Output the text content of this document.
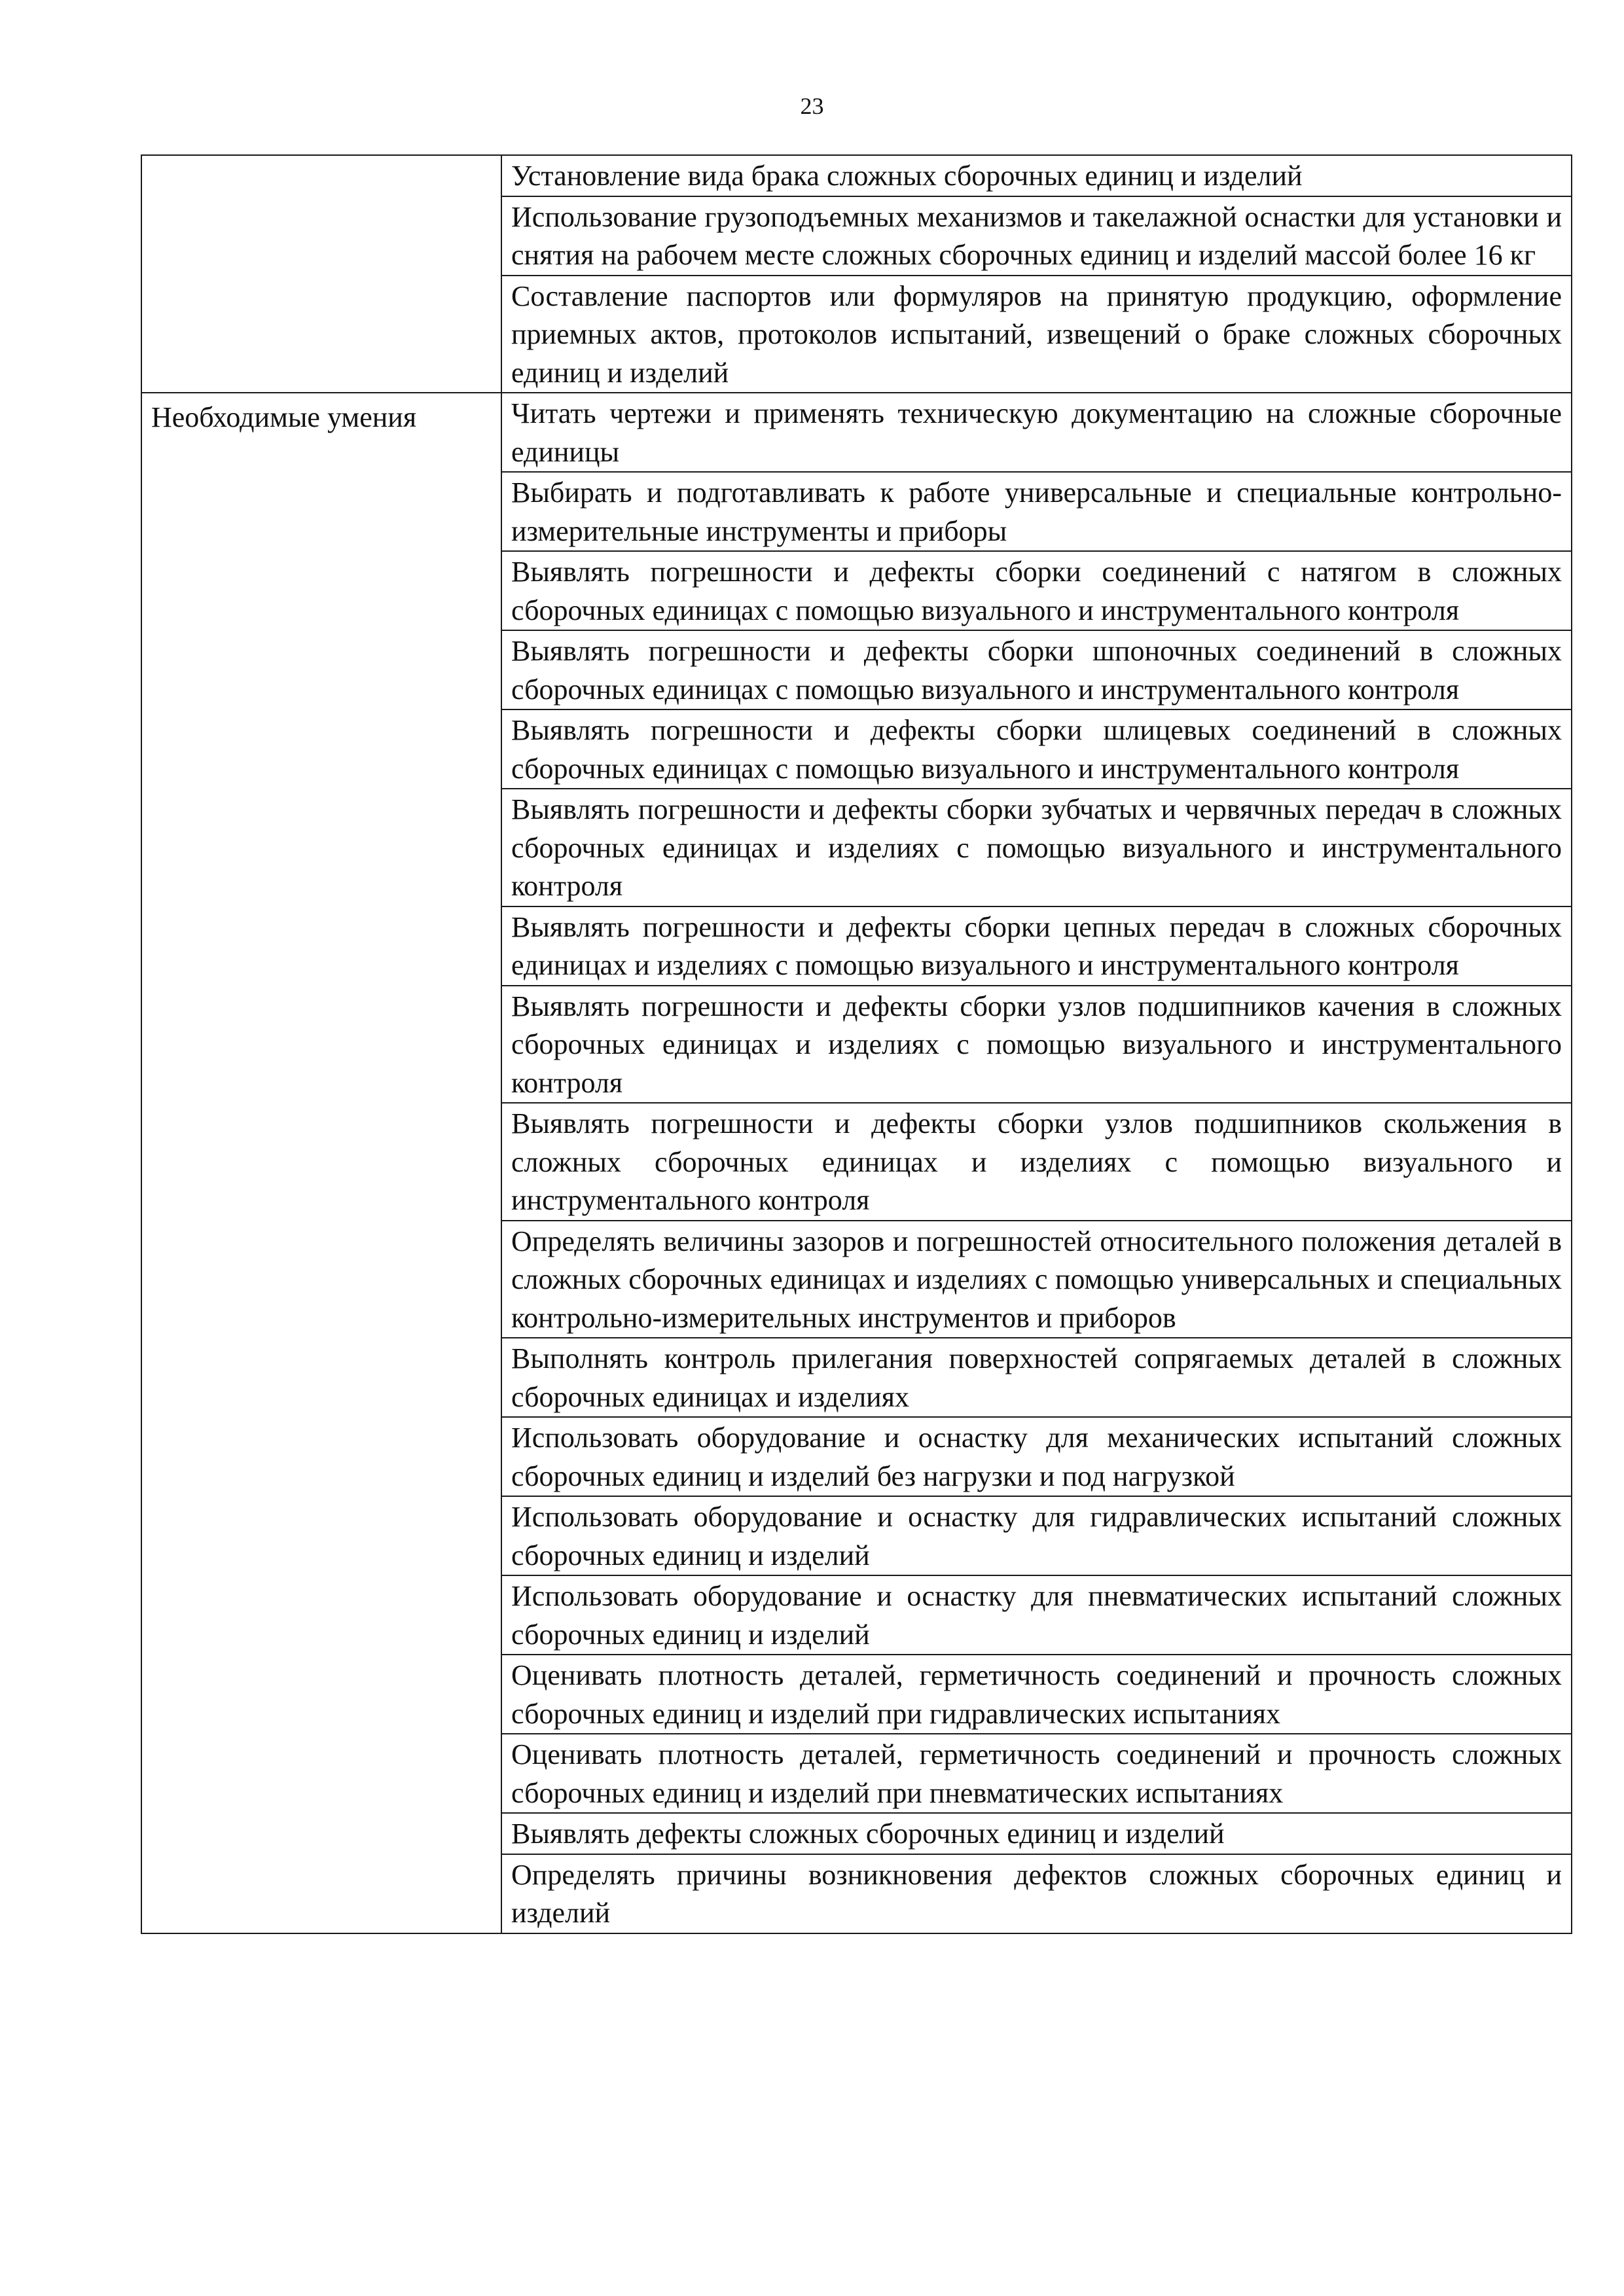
23
	Установление вида брака сложных сборочных единиц и изделий
	Использование грузоподъемных механизмов и такелажной оснастки для установки и снятия на рабочем месте сложных сборочных единиц и изделий массой более 16 кг
	Составление паспортов или формуляров на принятую продукцию, оформление приемных актов, протоколов испытаний, извещений о браке сложных сборочных единиц и изделий
Необходимые умения	Читать чертежи и применять техническую документацию на сложные сборочные единицы
	Выбирать и подготавливать к работе универсальные и специальные контрольно-измерительные инструменты и приборы
	Выявлять погрешности и дефекты сборки соединений с натягом в сложных сборочных единицах с помощью визуального и инструментального контроля
	Выявлять погрешности и дефекты сборки шпоночных соединений в сложных сборочных единицах с помощью визуального и инструментального контроля
	Выявлять погрешности и дефекты сборки шлицевых соединений в сложных сборочных единицах с помощью визуального и инструментального контроля
	Выявлять погрешности и дефекты сборки зубчатых и червячных передач в сложных сборочных единицах и изделиях с помощью визуального и инструментального контроля
	Выявлять погрешности и дефекты сборки цепных передач в сложных сборочных единицах и изделиях с помощью визуального и инструментального контроля
	Выявлять погрешности и дефекты сборки узлов подшипников качения в сложных сборочных единицах и изделиях с помощью визуального и инструментального контроля
	Выявлять погрешности и дефекты сборки узлов подшипников скольжения в сложных сборочных единицах и изделиях с помощью визуального и инструментального контроля
	Определять величины зазоров и погрешностей относительного положения деталей в сложных сборочных единицах и изделиях с помощью универсальных и специальных контрольно-измерительных инструментов и приборов
	Выполнять контроль прилегания поверхностей сопрягаемых деталей в сложных сборочных единицах и изделиях
	Использовать оборудование и оснастку для механических испытаний сложных сборочных единиц и изделий без нагрузки и под нагрузкой
	Использовать оборудование и оснастку для гидравлических испытаний сложных сборочных единиц и изделий
	Использовать оборудование и оснастку для пневматических испытаний сложных сборочных единиц и изделий
	Оценивать плотность деталей, герметичность соединений и прочность сложных сборочных единиц и изделий при гидравлических испытаниях
	Оценивать плотность деталей, герметичность соединений и прочность сложных сборочных единиц и изделий при пневматических испытаниях
	Выявлять дефекты сложных сборочных единиц и изделий
	Определять причины возникновения дефектов сложных сборочных единиц и изделий
